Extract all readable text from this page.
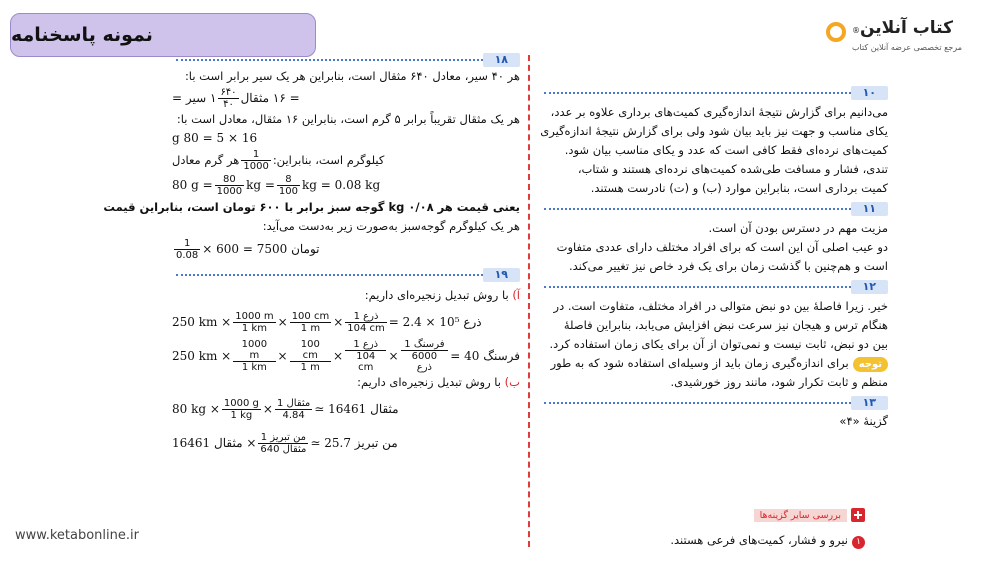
نمونه پاسخنامه	کتاب آنلاین®
مرجع تخصصی عرضه آنلاین کتاب
۱۰
می‌دانیم برای گزارش نتیجهٔ اندازه‌گیری کمیت‌های برداری علاوه بر عدد،
یکای مناسب و جهت نیز باید بیان شود ولی برای گزارش نتیجهٔ اندازه‌گیری
کمیت‌های نرده‌ای فقط کافی است که عدد و یکای مناسب بیان شود.
تندی، فشار و مسافت طی‌شده کمیت‌های نرده‌ای هستند و شتاب،
کمیت برداری است، بنابراین موارد (ب) و (ت) نادرست هستند.
۱۱
مزیت مهم در دسترس بودن آن است.
دو عیب اصلی آن این است که برای افراد مختلف دارای عددی متفاوت
است و هم‌چنین با گذشت زمان برای یک فرد خاص نیز تغییر می‌کند.
۱۲
خیر. زیرا فاصلهٔ بین دو نبض متوالی در افراد مختلف، متفاوت است. در
هنگام ترس و هیجان نیز سرعت نبض افزایش می‌یابد، بنابراین فاصلهٔ
بین دو نبض، ثابت نیست و نمی‌توان از آن برای یکای زمان استفاده کرد.
توجهبرای اندازه‌گیری زمان باید از وسیله‌ای استفاده شود که به طور
منظم و ثابت تکرار شود، مانند روز خورشیدی.
۱۳
گزینهٔ «۴»
بررسی سایر گزینه‌ها
۱نیرو و فشار، کمیت‌های فرعی هستند.
۱۸
هر ۴۰ سیر، معادل ۶۴۰ مثقال است، بنابراین هر یک سیر برابر است با:
= ۱۶ مثقال
$\frac{۶۴۰}{۴۰}$
۱ سیر =
هر یک مثقال تقریباً برابر ۵ گرم است، بنابراین ۱۶ مثقال، معادل است با:
16 × 5 = 80 g
کیلوگرم است، بنابراین:
$\frac{1}{1000}$
هر گرم معادل
80 $g = \frac{80}{1000}$ kg = $\frac{8}{100}$ kg = 0.08 kg
یعنی قیمت هر ۰/۰۸ kg گوجه سبز برابر با ۶۰۰ تومان است، بنابراین قیمت
هر یک کیلوگرم گوجه‌سبز به‌صورت زیر به‌دست می‌آید:
$\frac{1}{0.08} \times 600 = 7500$ تومان
۱۹
آ) با روش تبدیل زنجیره‌ای داریم:
250 km × $\frac{1000 m}{1 km} \times \frac{100 cm}{1 m} \times \frac{\text{1 ذرع}}{104 cm} = 2.4 \times 10^5$ ذرع
250 km × $\frac{1000 m}{1 km} \times \frac{100 cm}{1 m} \times \frac{\text{1 ذرع}}{104 cm} \times \frac{\text{1 فرسنگ}}{\text{6000 ذرع}} = 40$ فرسنگ
ب) با روش تبدیل زنجیره‌ای داریم:
80 kg × $\frac{1000 g}{1 kg} \times \frac{\text{1 مثقال}}{4.84}$ ≃ 16461 مثقال
16461 مثقال × $\frac{\text{1 من تبریز}}{\text{640 مثقال}}$ ≃ 25.7 من تبریز
www.ketabonline.ir
